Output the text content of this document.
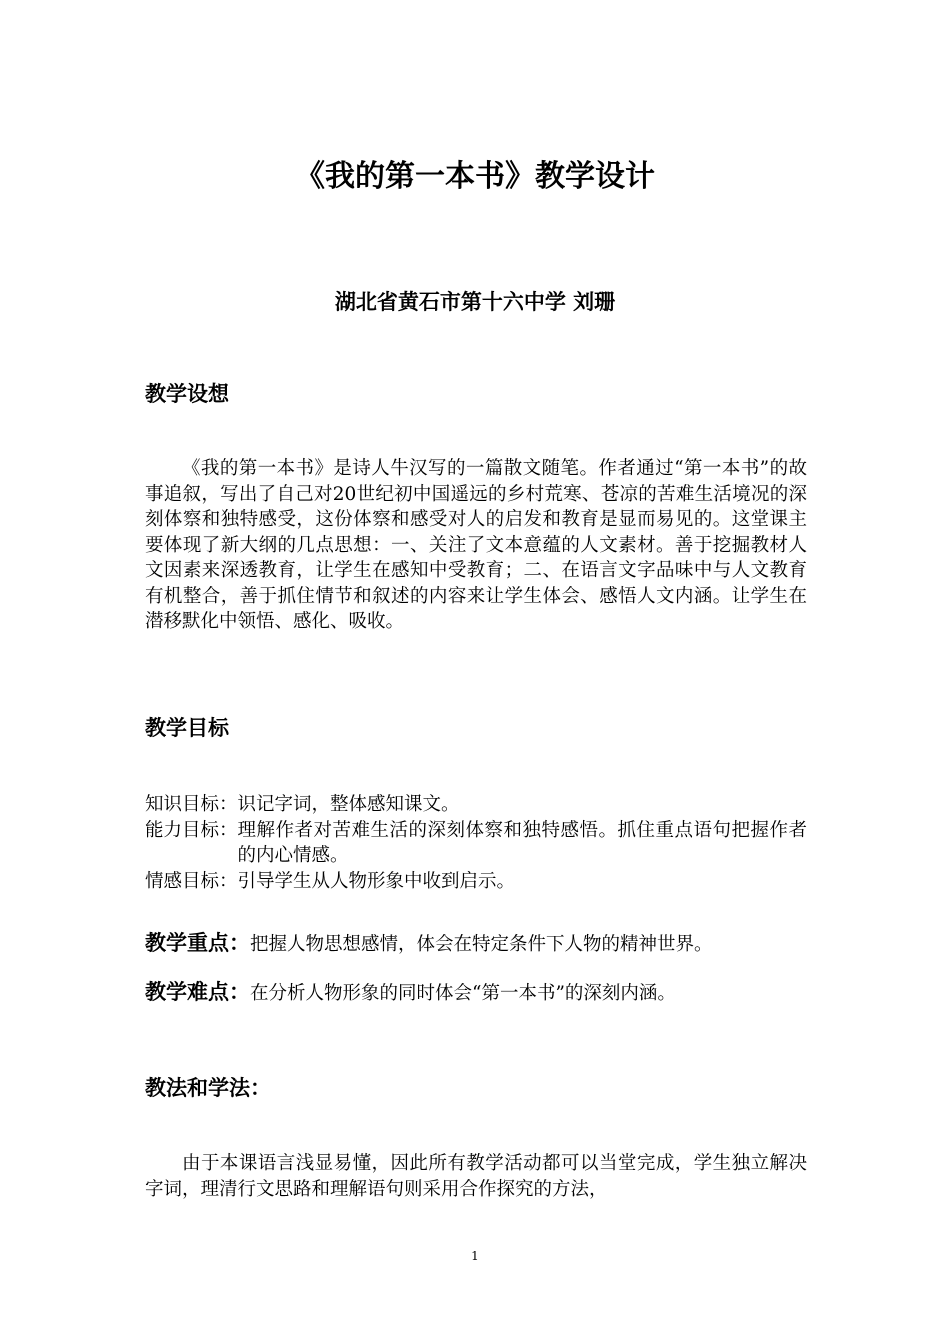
《我的第一本书》教学设计
湖北省黄石市第十六中学 刘珊
教学设想
《我的第一本书》是诗人牛汉写的一篇散文随笔。作者通过“第一本书”的故事追叙，写出了自己对20世纪初中国遥远的乡村荒寒、苍凉的苦难生活境况的深刻体察和独特感受，这份体察和感受对人的启发和教育是显而易见的。这堂课主要体现了新大纲的几点思想：一、关注了文本意蕴的人文素材。善于挖掘教材人文因素来深透教育，让学生在感知中受教育；二、在语言文字品味中与人文教育有机整合，善于抓住情节和叙述的内容来让学生体会、感悟人文内涵。让学生在潜移默化中领悟、感化、吸收。
教学目标
知识目标： 识记字词，整体感知课文。
能力目标： 理解作者对苦难生活的深刻体察和独特感悟。抓住重点语句把握作者的内心情感。
情感目标： 引导学生从人物形象中收到启示。
教学重点：把握人物思想感情，体会在特定条件下人物的精神世界。
教学难点：在分析人物形象的同时体会“第一本书”的深刻内涵。
教法和学法：
由于本课语言浅显易懂，因此所有教学活动都可以当堂完成，学生独立解决字词，理清行文思路和理解语句则采用合作探究的方法，
1
